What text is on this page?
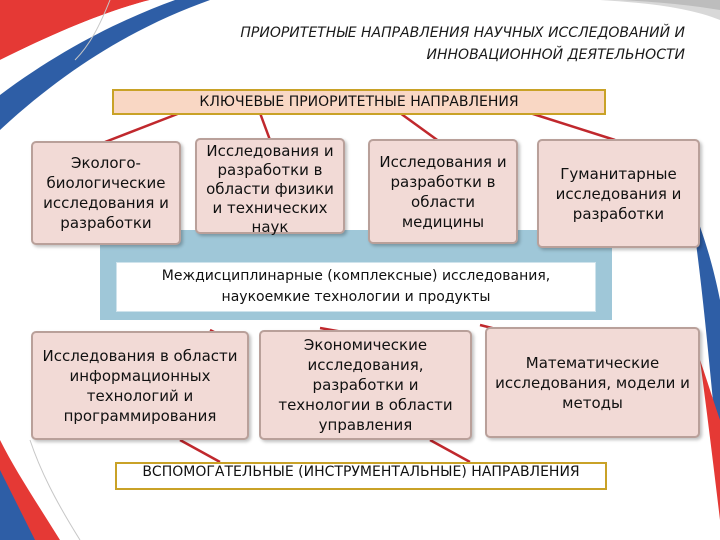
ПРИОРИТЕТНЫЕ НАПРАВЛЕНИЯ НАУЧНЫХ ИССЛЕДОВАНИЙ И
ИННОВАЦИОННОЙ ДЕЯТЕЛЬНОСТИ
КЛЮЧЕВЫЕ ПРИОРИТЕТНЫЕ НАПРАВЛЕНИЯ
Междисциплинарные (комплексные) исследования,
наукоемкие технологии и продукты
Эколого-биологические исследования и разработки
Исследования и разработки в области физики и технических наук
Исследования и разработки в области медицины
Гуманитарные исследования и разработки
Исследования в области информационных технологий и программирования
Экономические исследования, разработки и технологии в области управления
Математические исследования, модели и методы
ВСПОМОГАТЕЛЬНЫЕ (ИНСТРУМЕНТАЛЬНЫЕ) НАПРАВЛЕНИЯ
